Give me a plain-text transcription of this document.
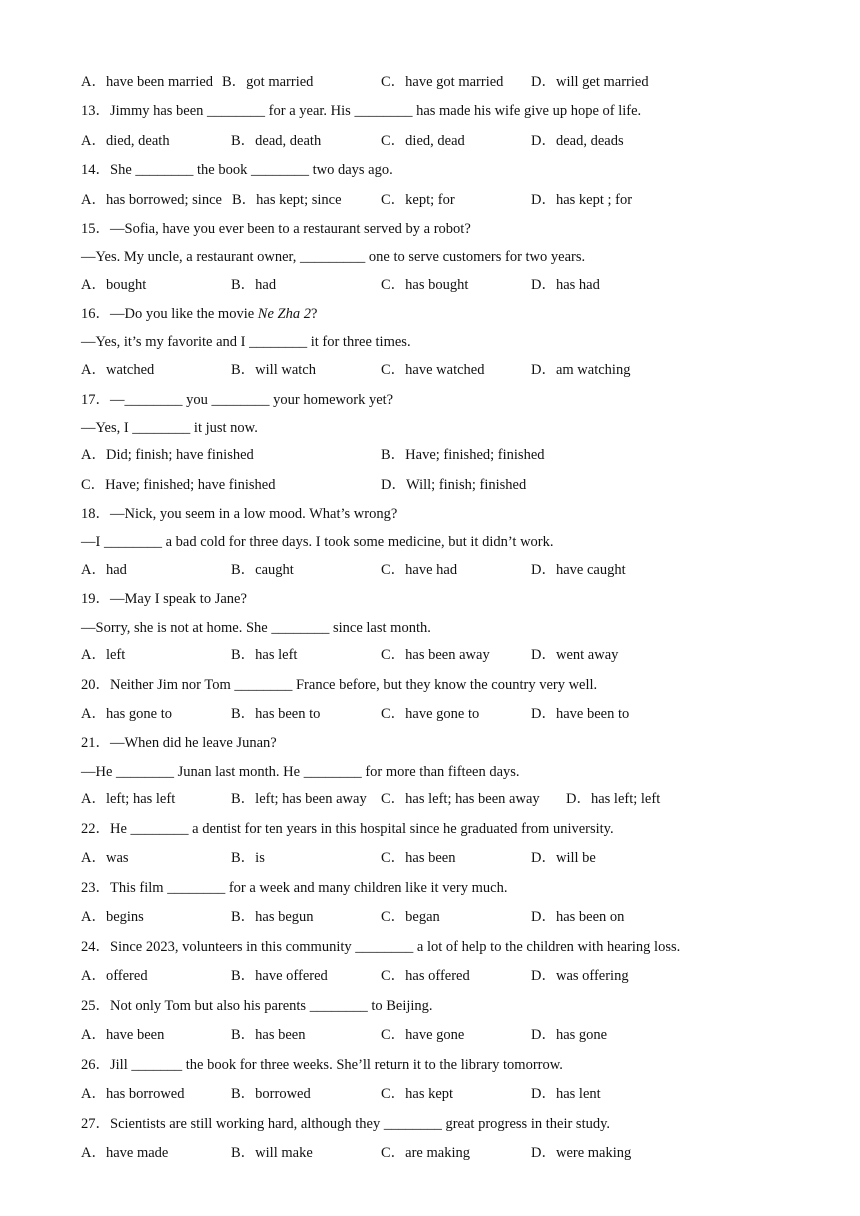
A．have been married B．got married	C．have got married D．will get married
13．Jimmy has been ________ for a year. His ________ has made his wife give up hope of life.
A．died, death	B．dead, death	C．died, dead	D．dead, deads
14．She ________ the book ________ two days ago.
A．has borrowed; since B．has kept; since	C．kept; for	D．has kept ; for
15．—Sofia, have you ever been to a restaurant served by a robot?
—Yes. My uncle, a restaurant owner, _________ one to serve customers for two years.
A．bought	B．had	C．has bought	D．has had
16．—Do you like the movie Ne Zha 2?
—Yes, it’s my favorite and I ________ it for three times.
A．watched	B．will watch	C．have watched	D．am watching
17．—________ you ________ your homework yet?
—Yes, I ________ it just now.
A．Did; finish; have finished	B．Have; finished; finished
C．Have; finished; have finished	D．Will; finish; finished
18．—Nick, you seem in a low mood. What’s wrong?
—I ________ a bad cold for three days. I took some medicine, but it didn’t work.
A．had	B．caught	C．have had	D．have caught
19．—May I speak to Jane?
—Sorry, she is not at home. She ________ since last month.
A．left	B．has left	C．has been away	D．went away
20．Neither Jim nor Tom ________ France before, but they know the country very well.
A．has gone to	B．has been to	C．have gone to	D．have been to
21．—When did he leave Junan?
—He ________ Junan last month. He ________ for more than fifteen days.
A．left; has left	B．left; has been away C．has left; has been away D．has left; left
22．He ________ a dentist for ten years in this hospital since he graduated from university.
A．was	B．is	C．has been	D．will be
23．This film ________ for a week and many children like it very much.
A．begins	B．has begun	C．began	D．has been on
24．Since 2023, volunteers in this community ________ a lot of help to the children with hearing loss.
A．offered	B．have offered	C．has offered	D．was offering
25．Not only Tom but also his parents ________ to Beijing.
A．have been	B．has been	C．have gone	D．has gone
26．Jill _______ the book for three weeks. She’ll return it to the library tomorrow.
A．has borrowed	B．borrowed	C．has kept	D．has lent
27．Scientists are still working hard, although they ________ great progress in their study.
A．have made	B．will make	C．are making	D．were making
